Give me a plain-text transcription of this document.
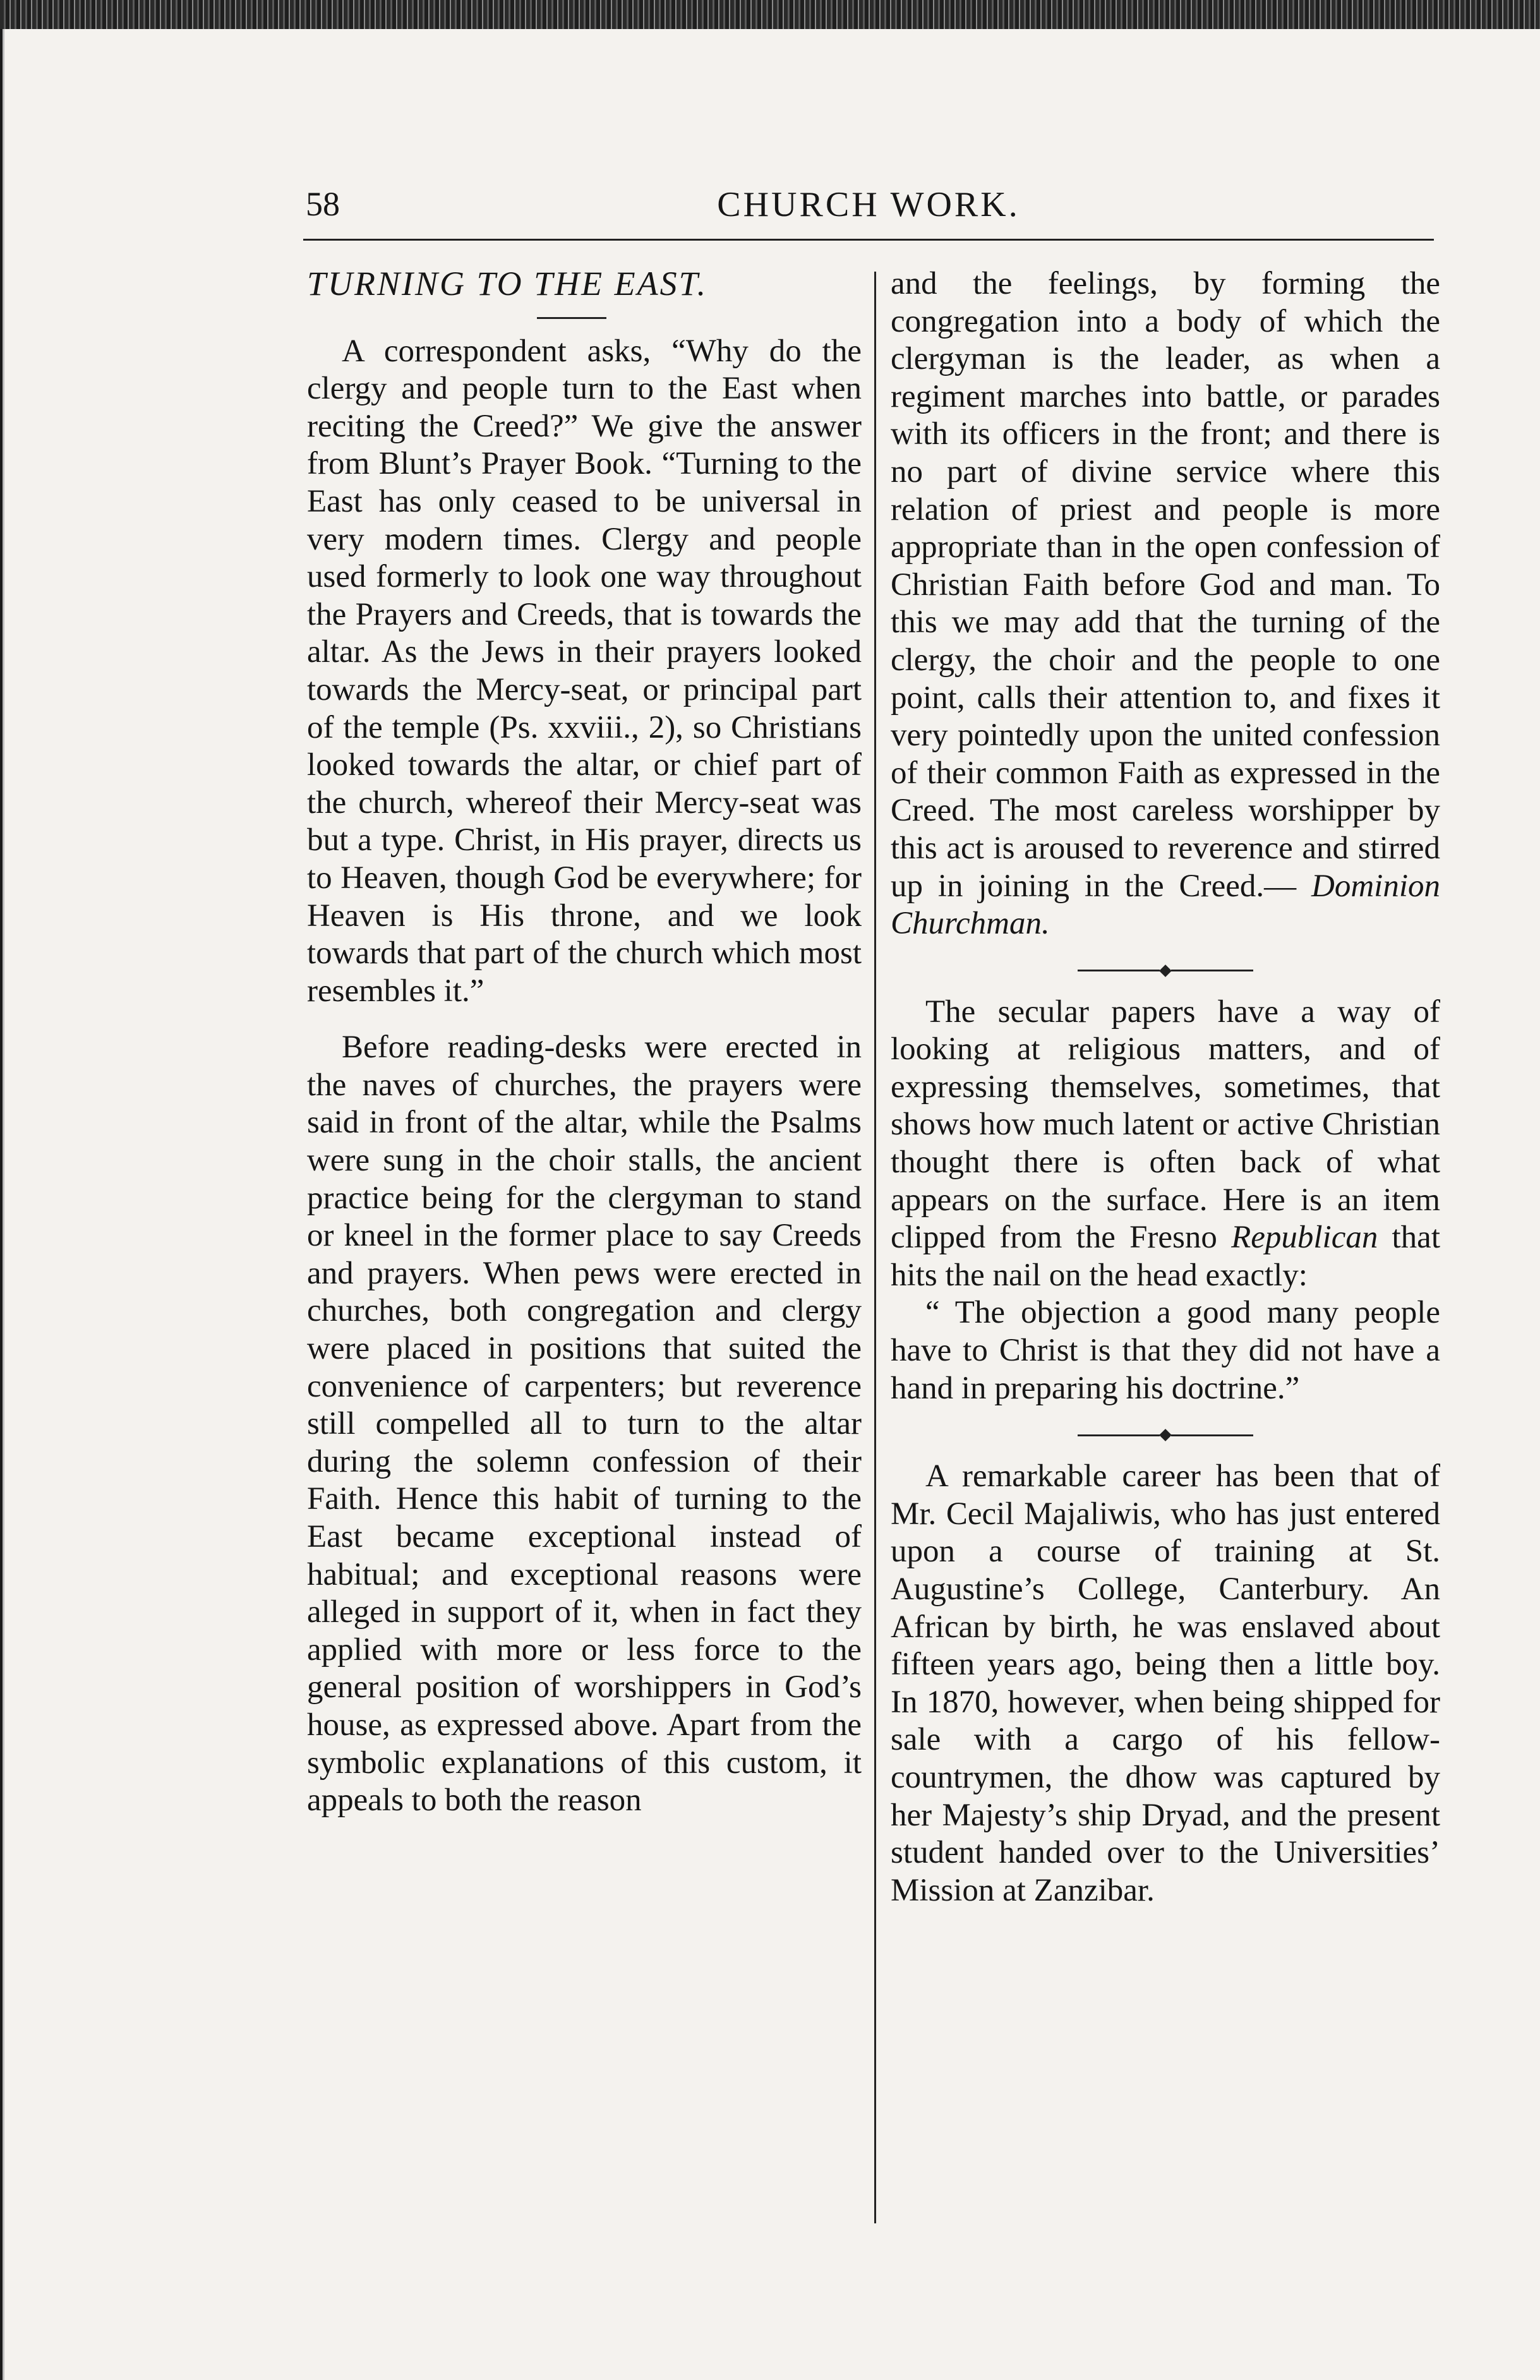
58	CHURCH WORK.

TURNING TO THE EAST.

A correspondent asks, “Why do the clergy and people turn to the East when reciting the Creed?” We give the answer from Blunt’s Prayer Book. “Turning to the East has only ceased to be universal in very modern times. Clergy and people used formerly to look one way throughout the Prayers and Creeds, that is towards the altar. As the Jews in their prayers looked towards the Mercy-seat, or principal part of the temple (Ps. xxviii., 2), so Christians looked towards the altar, or chief part of the church, whereof their Mercy-seat was but a type. Christ, in His prayer, directs us to Heaven, though God be everywhere; for Heaven is His throne, and we look towards that part of the church which most resembles it.”

Before reading-desks were erected in the naves of churches, the prayers were said in front of the altar, while the Psalms were sung in the choir stalls, the ancient practice being for the clergyman to stand or kneel in the former place to say Creeds and prayers. When pews were erected in churches, both congregation and clergy were placed in positions that suited the convenience of carpenters; but reverence still compelled all to turn to the altar during the solemn confession of their Faith. Hence this habit of turning to the East became exceptional instead of habitual; and exceptional reasons were alleged in support of it, when in fact they applied with more or less force to the general position of worshippers in God’s house, as expressed above. Apart from the symbolic explanations of this custom, it appeals to both the reason

and the feelings, by forming the congregation into a body of which the clergyman is the leader, as when a regiment marches into battle, or parades with its officers in the front; and there is no part of divine service where this relation of priest and people is more appropriate than in the open confession of Christian Faith before God and man. To this we may add that the turning of the clergy, the choir and the people to one point, calls their attention to, and fixes it very pointedly upon the united confession of their common Faith as expressed in the Creed. The most careless worshipper by this act is aroused to reverence and stirred up in joining in the Creed.— Dominion Churchman.

The secular papers have a way of looking at religious matters, and of expressing themselves, sometimes, that shows how much latent or active Christian thought there is often back of what appears on the surface. Here is an item clipped from the Fresno Republican that hits the nail on the head exactly:

“ The objection a good many people have to Christ is that they did not have a hand in preparing his doctrine.”

A remarkable career has been that of Mr. Cecil Majaliwis, who has just entered upon a course of training at St. Augustine’s College, Canterbury. An African by birth, he was enslaved about fifteen years ago, being then a little boy. In 1870, however, when being shipped for sale with a cargo of his fellow-countrymen, the dhow was captured by her Majesty’s ship Dryad, and the present student handed over to the Universities’ Mission at Zanzibar.
